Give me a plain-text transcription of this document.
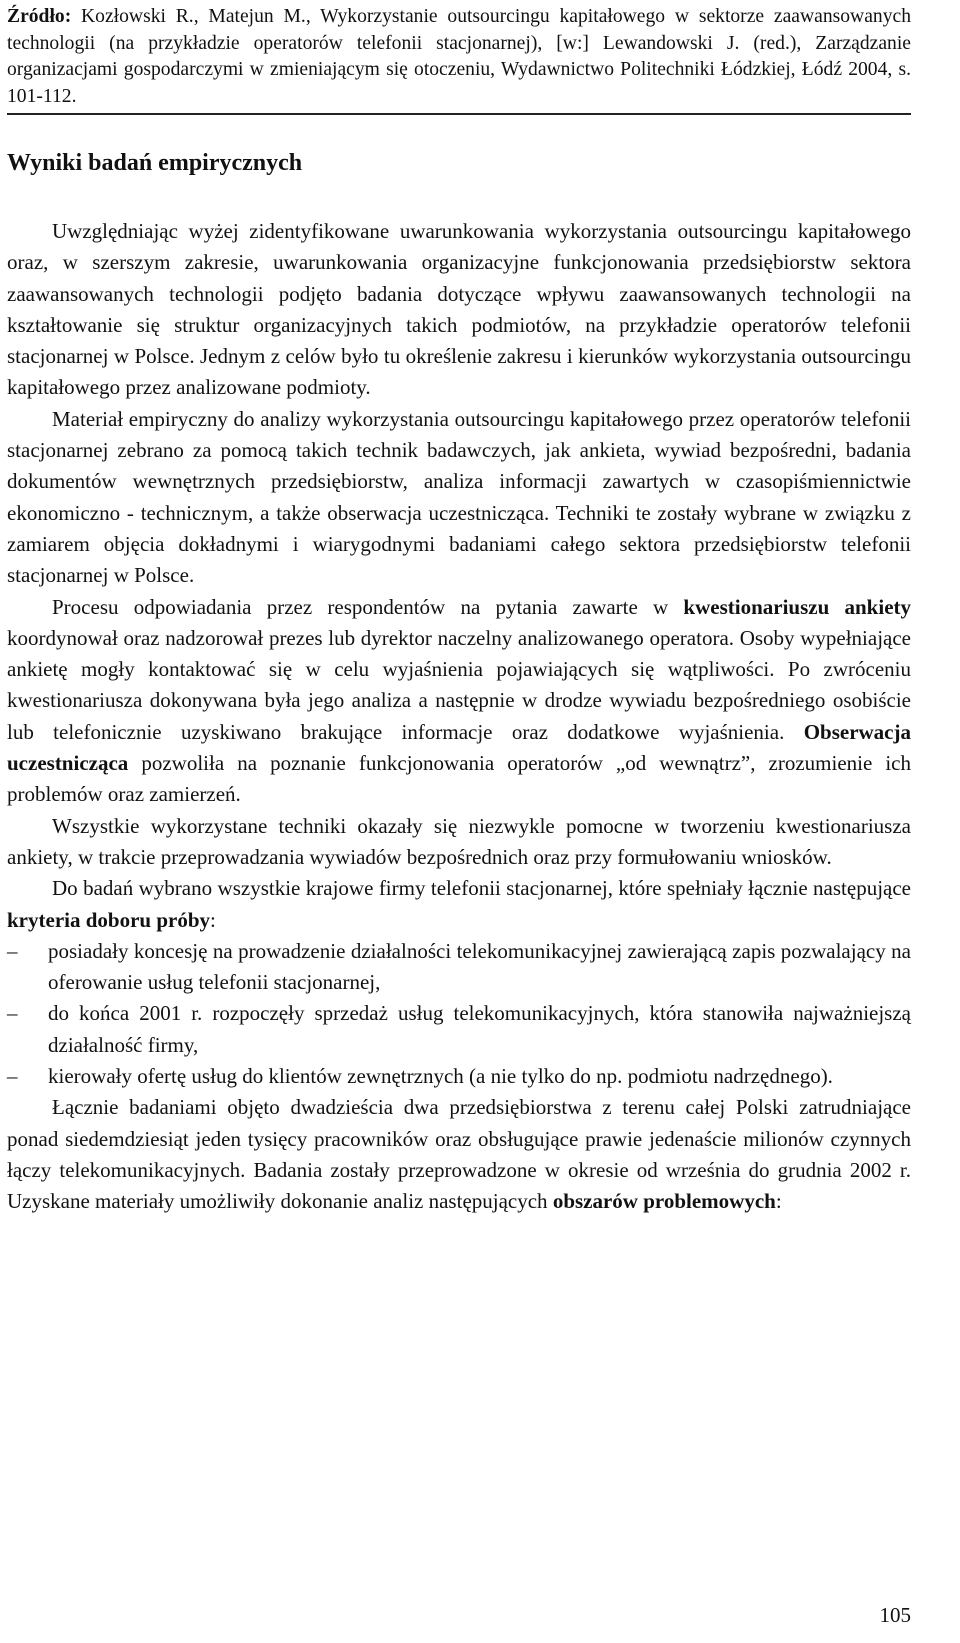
Źródło: Kozłowski R., Matejun M., Wykorzystanie outsourcingu kapitałowego w sektorze zaawansowanych technologii (na przykładzie operatorów telefonii stacjonarnej), [w:] Lewandowski J. (red.), Zarządzanie organizacjami gospodarczymi w zmieniającym się otoczeniu, Wydawnictwo Politechniki Łódzkiej, Łódź 2004, s. 101-112.
Wyniki badań empirycznych

Uwzględniając wyżej zidentyfikowane uwarunkowania wykorzystania outsourcingu kapitałowego oraz, w szerszym zakresie, uwarunkowania organizacyjne funkcjonowania przedsiębiorstw sektora zaawansowanych technologii podjęto badania dotyczące wpływu zaawansowanych technologii na kształtowanie się struktur organizacyjnych takich podmiotów, na przykładzie operatorów telefonii stacjonarnej w Polsce. Jednym z celów było tu określenie zakresu i kierunków wykorzystania outsourcingu kapitałowego przez analizowane podmioty.

Materiał empiryczny do analizy wykorzystania outsourcingu kapitałowego przez operatorów telefonii stacjonarnej zebrano za pomocą takich technik badawczych, jak ankieta, wywiad bezpośredni, badania dokumentów wewnętrznych przedsiębiorstw, analiza informacji zawartych w czasopiśmiennictwie ekonomiczno - technicznym, a także obserwacja uczestnicząca. Techniki te zostały wybrane w związku z zamiarem objęcia dokładnymi i wiarygodnymi badaniami całego sektora przedsiębiorstw telefonii stacjonarnej w Polsce.

Procesu odpowiadania przez respondentów na pytania zawarte w kwestionariuszu ankiety koordynował oraz nadzorował prezes lub dyrektor naczelny analizowanego operatora. Osoby wypełniające ankietę mogły kontaktować się w celu wyjaśnienia pojawiających się wątpliwości. Po zwróceniu kwestionariusza dokonywana była jego analiza a następnie w drodze wywiadu bezpośredniego osobiście lub telefonicznie uzyskiwano brakujące informacje oraz dodatkowe wyjaśnienia. Obserwacja uczestnicząca pozwoliła na poznanie funkcjonowania operatorów „od wewnątrz”, zrozumienie ich problemów oraz zamierzeń.

Wszystkie wykorzystane techniki okazały się niezwykle pomocne w tworzeniu kwestionariusza ankiety, w trakcie przeprowadzania wywiadów bezpośrednich oraz przy formułowaniu wniosków.

Do badań wybrano wszystkie krajowe firmy telefonii stacjonarnej, które spełniały łącznie następujące kryteria doboru próby:

– posiadały koncesję na prowadzenie działalności telekomunikacyjnej zawierającą zapis pozwalający na oferowanie usług telefonii stacjonarnej,
– do końca 2001 r. rozpoczęły sprzedaż usług telekomunikacyjnych, która stanowiła najważniejszą działalność firmy,
– kierowały ofertę usług do klientów zewnętrznych (a nie tylko do np. podmiotu nadrzędnego).

Łącznie badaniami objęto dwadzieścia dwa przedsiębiorstwa z terenu całej Polski zatrudniające ponad siedemdziesiąt jeden tysięcy pracowników oraz obsługujące prawie jedenaście milionów czynnych łączy telekomunikacyjnych. Badania zostały przeprowadzone w okresie od września do grudnia 2002 r. Uzyskane materiały umożliwiły dokonanie analiz następujących obszarów problemowych:

105
